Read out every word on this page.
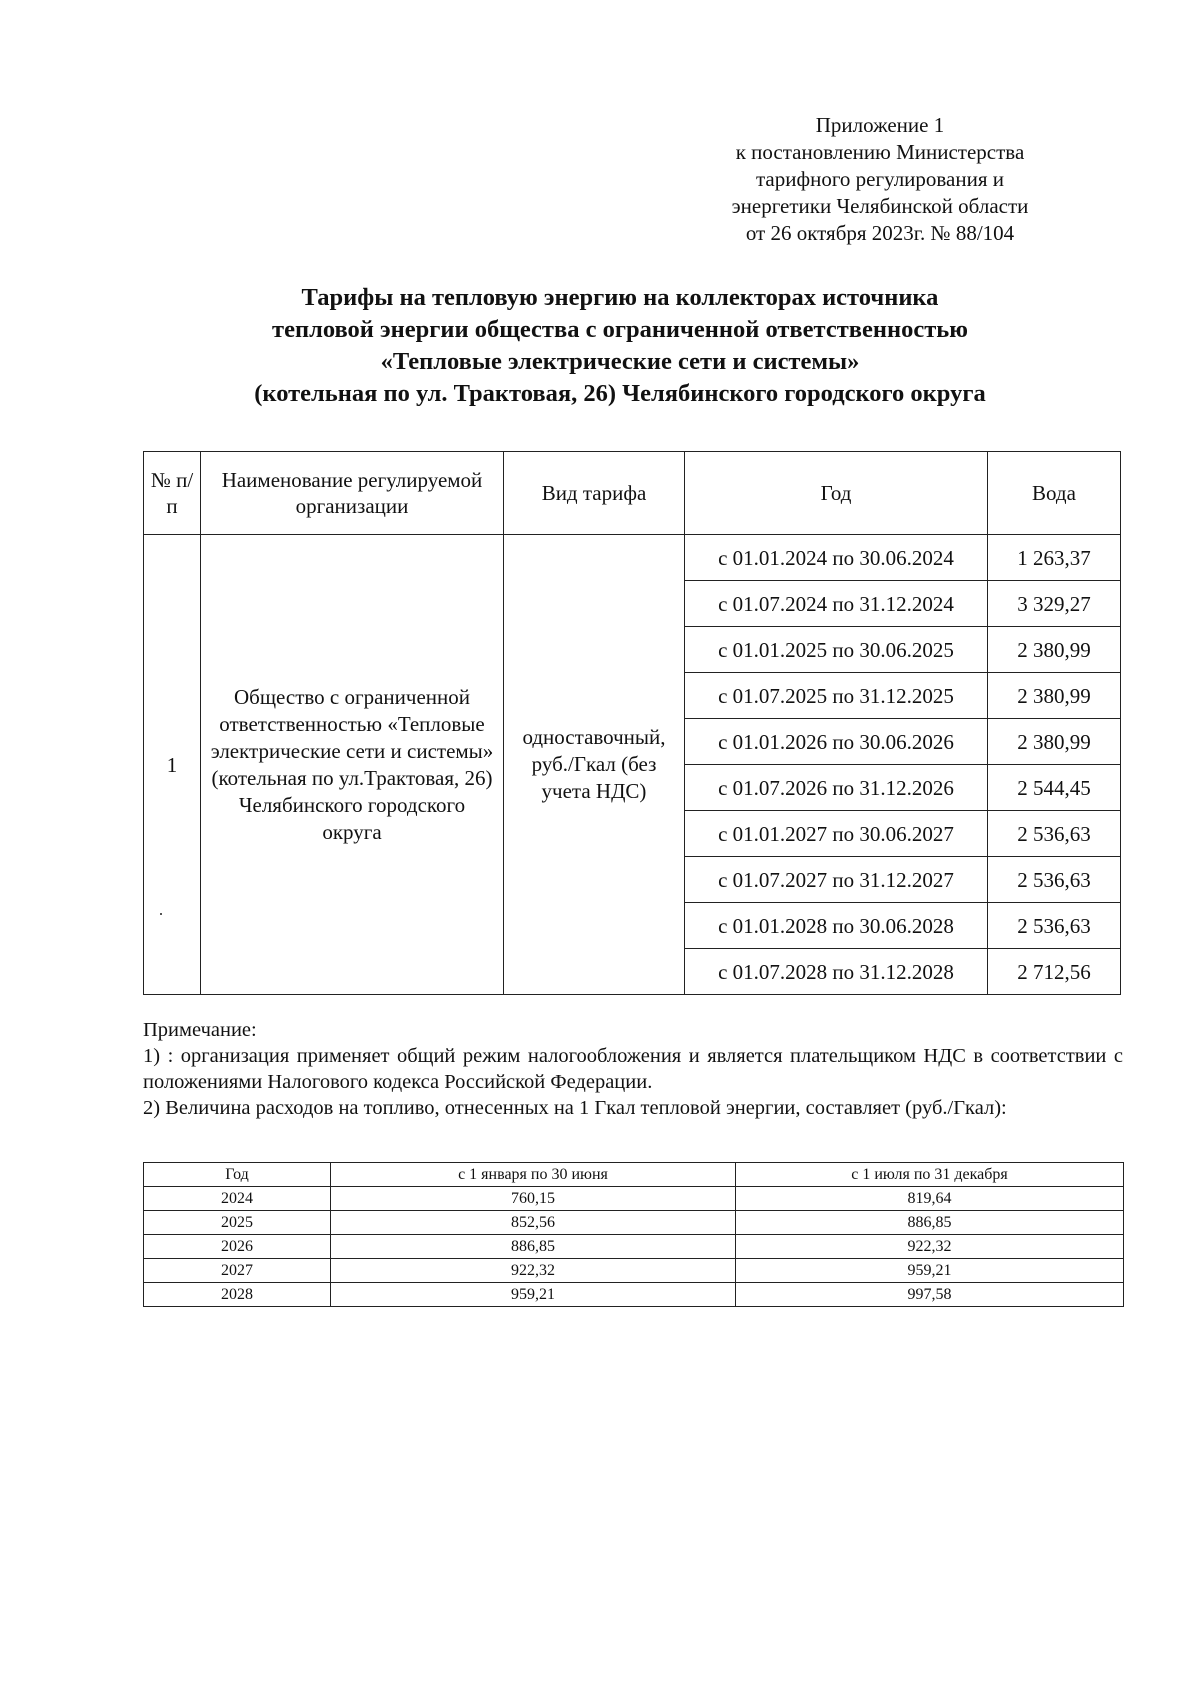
Приложение 1
к постановлению Министерства
тарифного регулирования и
энергетики Челябинской области
от 26 октября 2023г. № 88/104
Тарифы на тепловую энергию на коллекторах источника
тепловой энергии общества с ограниченной ответственностью
«Тепловые электрические сети и системы»
(котельная по ул. Трактовая, 26) Челябинского городского округа
№ п/п	Наименование регулируемой организации	Вид тарифа	Год	Вода
1	Общество с ограниченной ответственностью «Тепловые электрические сети и системы» (котельная по ул.Трактовая, 26) Челябинского городского округа	одноставочный, руб./Гкал (без учета НДС)	с 01.01.2024 по 30.06.2024	1 263,37
			с 01.07.2024 по 31.12.2024	3 329,27
			с 01.01.2025 по 30.06.2025	2 380,99
			с 01.07.2025 по 31.12.2025	2 380,99
			с 01.01.2026 по 30.06.2026	2 380,99
			с 01.07.2026 по 31.12.2026	2 544,45
			с 01.01.2027 по 30.06.2027	2 536,63
			с 01.07.2027 по 31.12.2027	2 536,63
			с 01.01.2028 по 30.06.2028	2 536,63
			с 01.07.2028 по 31.12.2028	2 712,56

Примечание:

1) : организация применяет общий режим налогообложения и является плательщиком НДС в соответствии с положениями Налогового кодекса Российской Федерации.

2) Величина расходов на топливо, отнесенных на 1 Гкал тепловой энергии, составляет (руб./Гкал):

Год	с 1 января по 30 июня	с 1 июля по 31 декабря
2024	760,15	819,64
2025	852,56	886,85
2026	886,85	922,32
2027	922,32	959,21
2028	959,21	997,58
